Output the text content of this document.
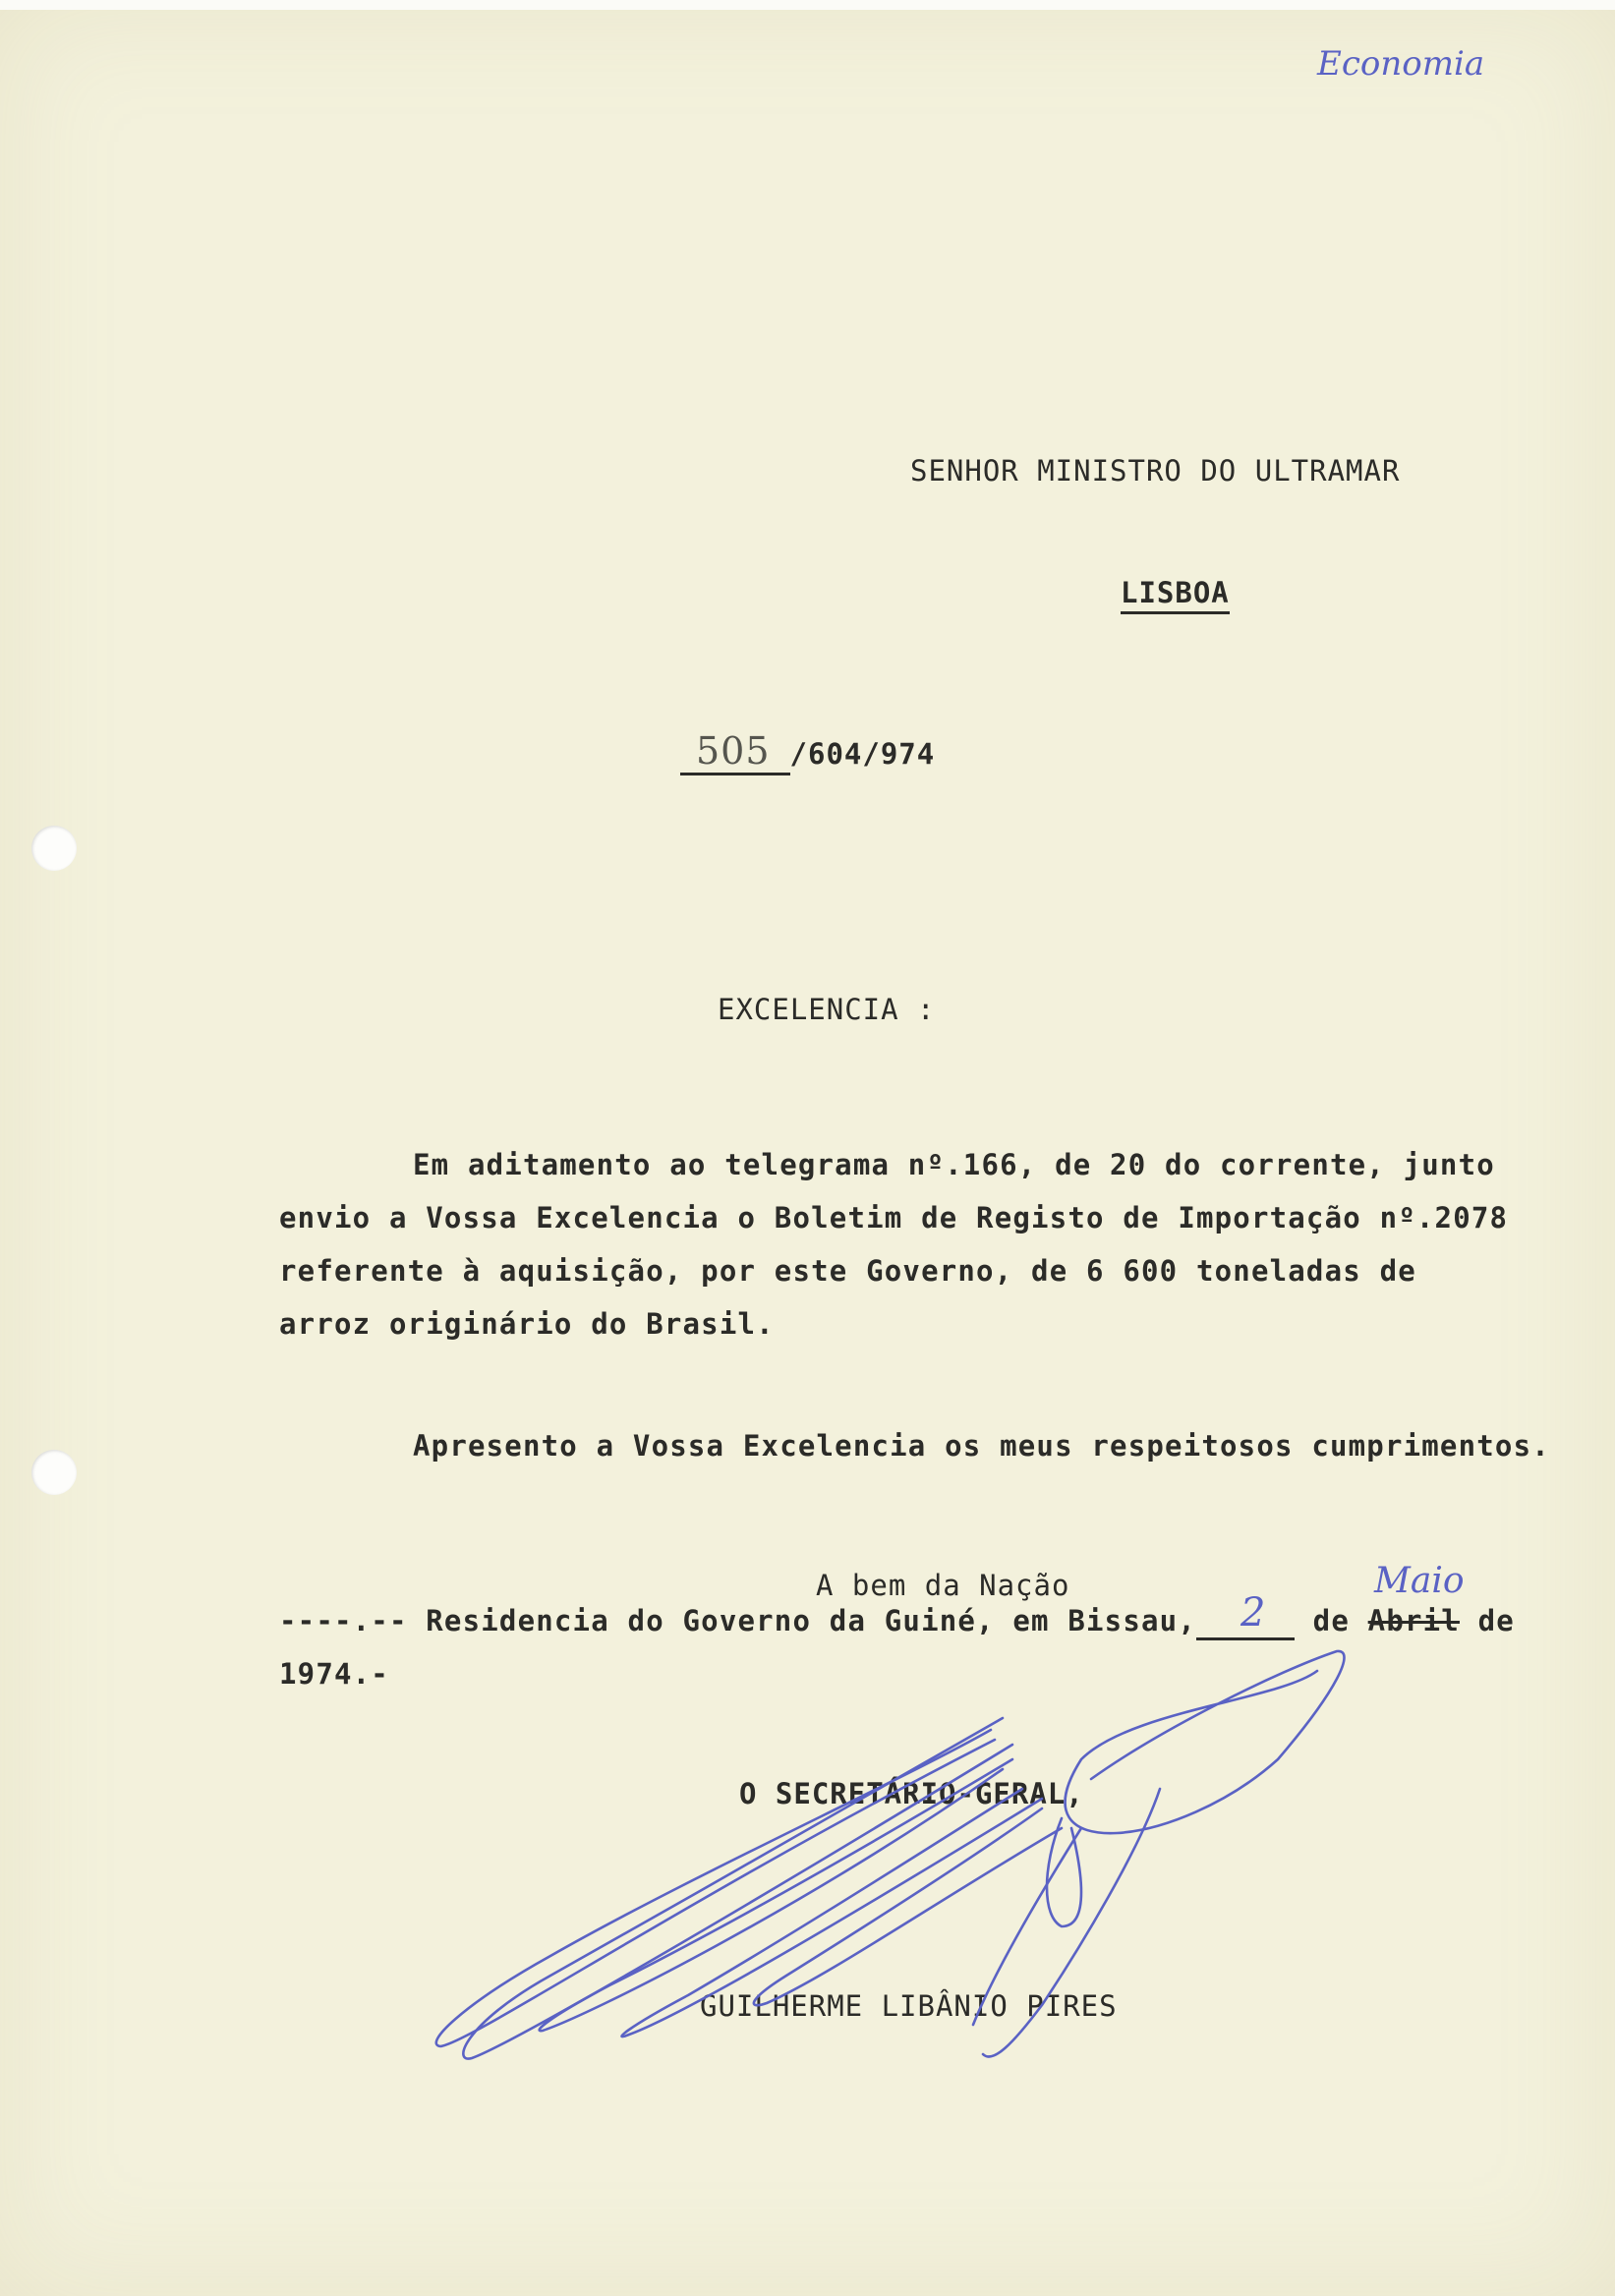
Economia
SENHOR MINISTRO DO ULTRAMAR
LISBOA
505 /604/974
EXCELENCIA :
Em aditamento ao telegrama nº.166, de 20 do corrente, junto
envio a Vossa Excelencia o Boletim de Registo de Importação nº.2078
referente à aquisição, por este Governo, de 6 600 toneladas de
arroz originário do Brasil.
Apresento a Vossa Excelencia os meus respeitosos cumprimentos.
A bem da Nação	Maio
----.-- Residencia do Governo da Guiné, em Bissau,	de Abril de
2
1974.-
O SECRETÁRIO-GERAL,
GUILHERME LIBÂNIO PIRES
